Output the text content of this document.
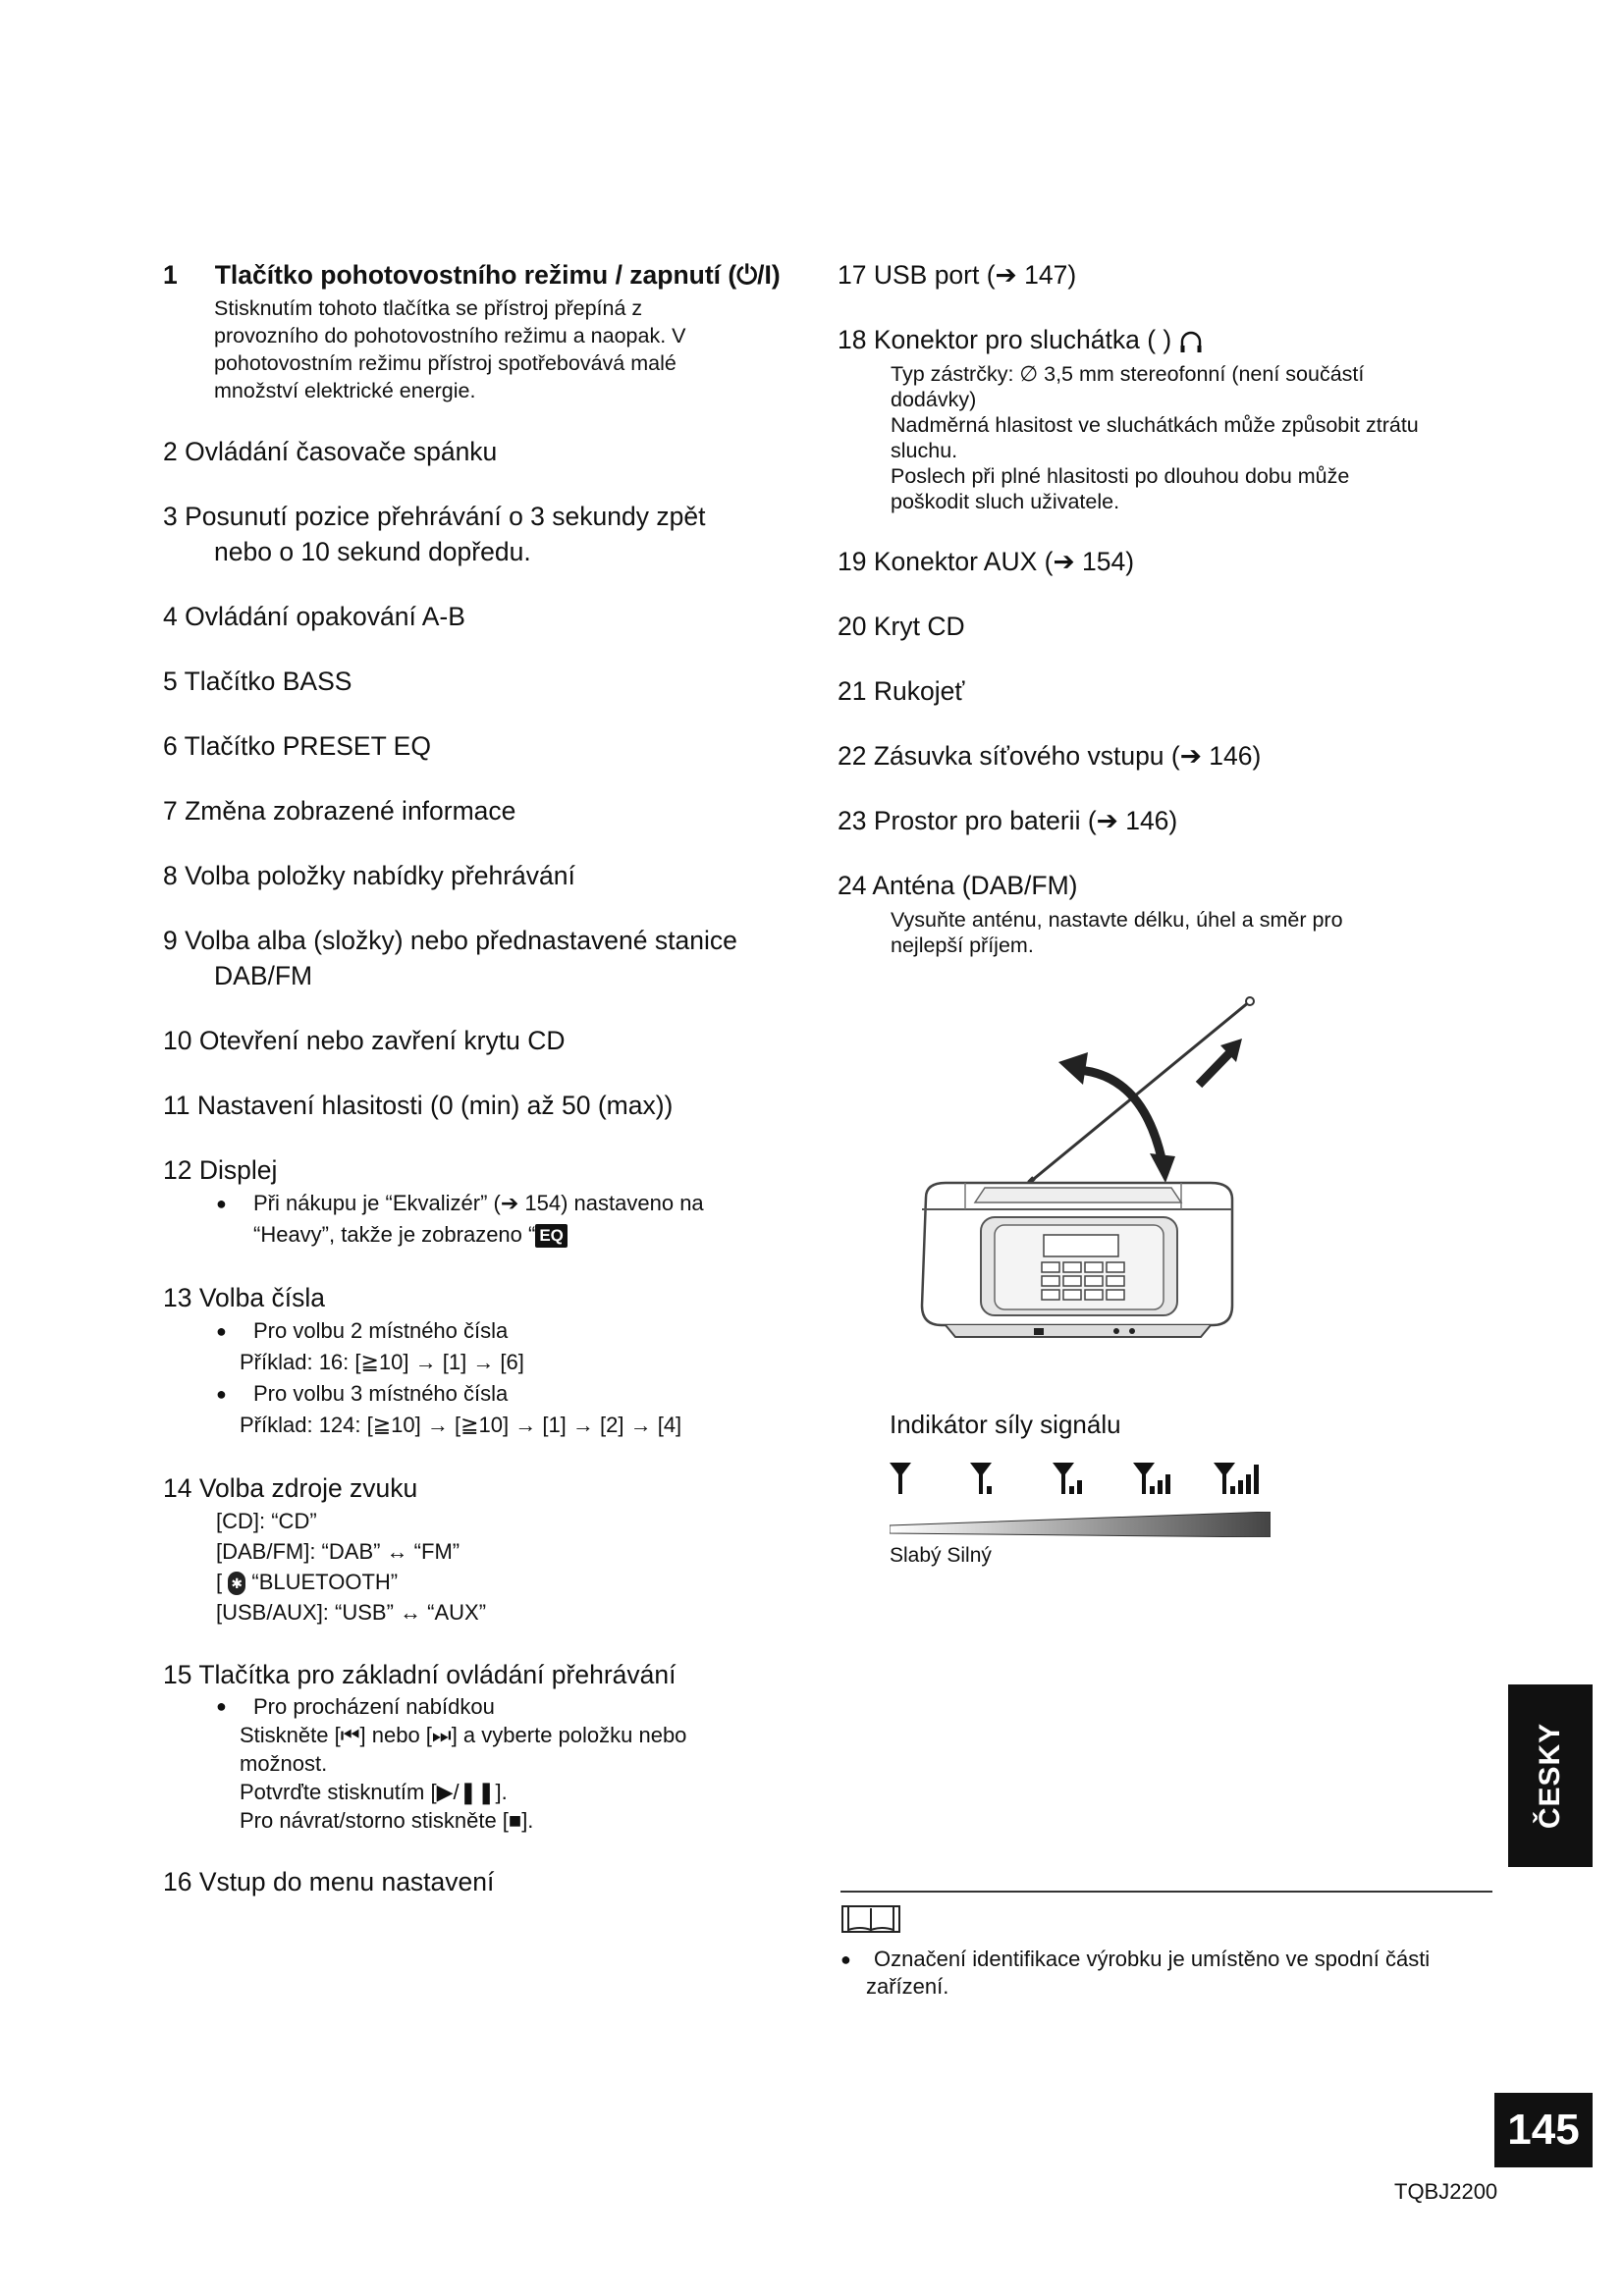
1 Tlačítko pohotovostního režimu / zapnutí (⏻/I)

Stisknutím tohoto tlačítka se přístroj přepíná z

provozního do pohotovostního režimu a naopak. V

pohotovostním režimu přístroj spotřebovává malé

množství elektrické energie.

2 Ovládání časovače spánku
3 Posunutí pozice přehrávání o 3 sekundy zpět
nebo o 10 sekund dopředu.
4 Ovládání opakování A-B
5 Tlačítko BASS
6 Tlačítko PRESET EQ
7 Změna zobrazené informace
8 Volba položky nabídky přehrávání
9 Volba alba (složky) nebo přednastavené stanice
DAB/FM
10 Otevření nebo zavření krytu CD
11 Nastavení hlasitosti (0 (min) až 50 (max))
12 Displej
● Při nákupu je “Ekvalizér” (➔ 154) nastaveno na
“Heavy”, takže je zobrazeno “ EQ
13 Volba čísla
● Pro volbu 2 místného čísla
Příklad: 16: [≧10] → [1] → [6]
● Pro volbu 3 místného čísla
Příklad: 124: [≧10] → [≧10] → [1] → [2] → [4]
14 Volba zdroje zvuku
[CD]: “CD”
[DAB/FM]: “DAB” ↔ “FM”
[ ✱ “BLUETOOTH”
[USB/AUX]: “USB” ↔ “AUX”
15 Tlačítka pro základní ovládání přehrávání
● Pro procházení nabídkou
Stiskněte [⏮] nebo [⏭] a vyberte položku nebo
možnost.
Potvrďte stisknutím [▶/❚❚].
Pro návrat/storno stiskněte [■].
16 Vstup do menu nastavení
17 USB port (➔ 147)
18 Konektor pro sluchátka ( )
Typ zástrčky: ∅ 3,5 mm stereofonní (není součástí
dodávky)
Nadměrná hlasitost ve sluchátkách může způsobit ztrátu
sluchu.
Poslech při plné hlasitosti po dlouhou dobu může
poškodit sluch uživatele.
19 Konektor AUX (➔ 154)
20 Kryt CD
21 Rukojeť
22 Zásuvka síťového vstupu (➔ 146)
23 Prostor pro baterii (➔ 146)
24 Anténa (DAB/FM)
Vysuňte anténu, nastavte délku, úhel a směr pro
nejlepší příjem.
Indikátor síly signálu
Slabý Silný
ČESKY
● Označení identifikace výrobku je umístěno ve spodní části
zařízení.
145
TQBJ2200
